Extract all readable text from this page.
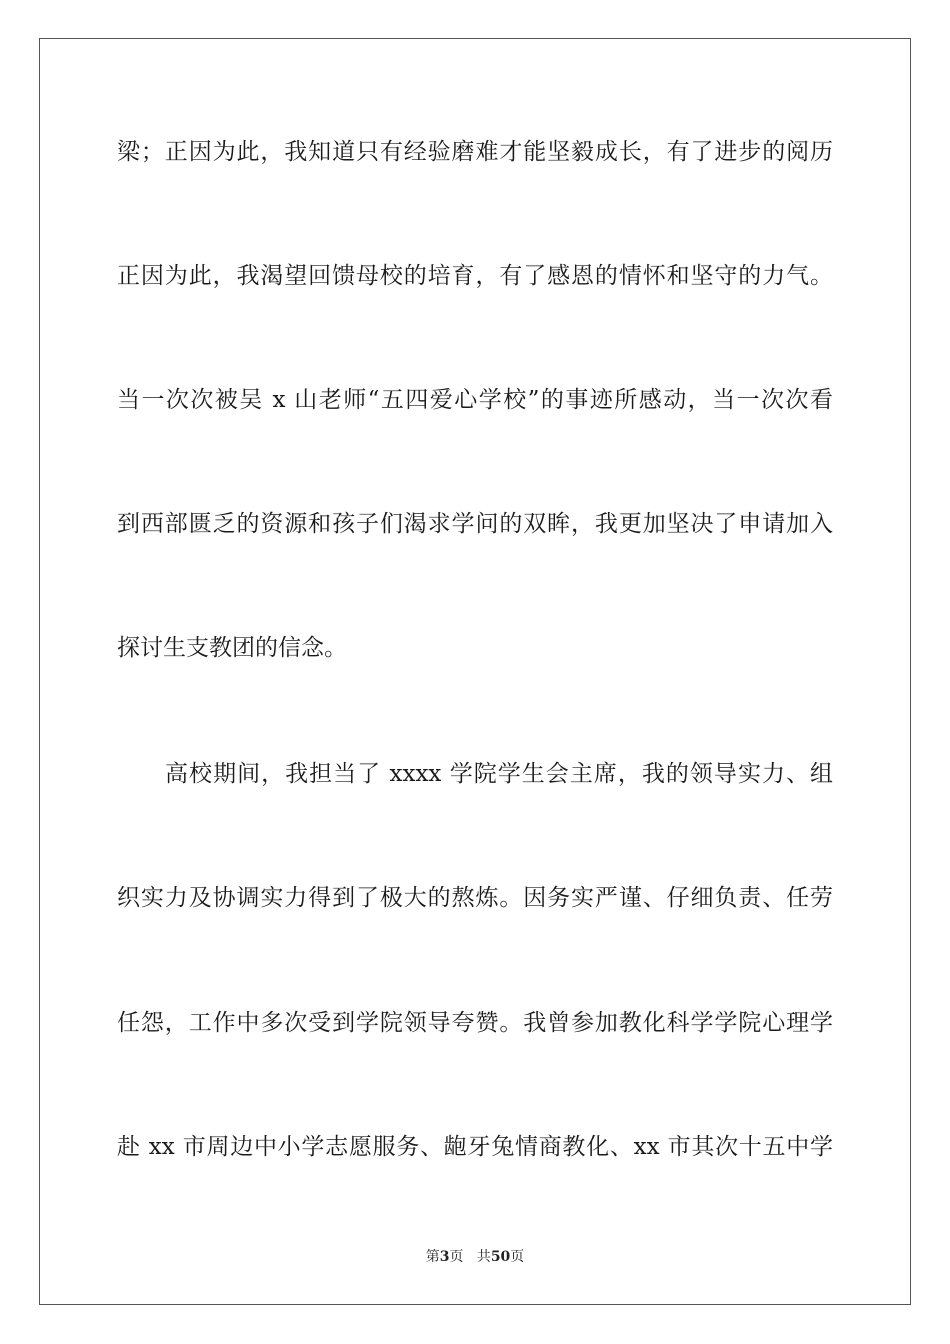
梁；正因为此，我知道只有经验磨难才能坚毅成长，有了进步的阅历
正因为此，我渴望回馈母校的培育，有了感恩的情怀和坚守的力气。
当一次次被吴 x 山老师“五四爱心学校”的事迹所感动，当一次次看
到西部匮乏的资源和孩子们渴求学问的双眸，我更加坚决了申请加入
探讨生支教团的信念。
　　高校期间，我担当了 xxxx 学院学生会主席，我的领导实力、组
织实力及协调实力得到了极大的熬炼。因务实严谨、仔细负责、任劳
任怨，工作中多次受到学院领导夸赞。我曾参加教化科学学院心理学
赴 xx 市周边中小学志愿服务、龅牙兔情商教化、xx 市其次十五中学
第3页 共50页
